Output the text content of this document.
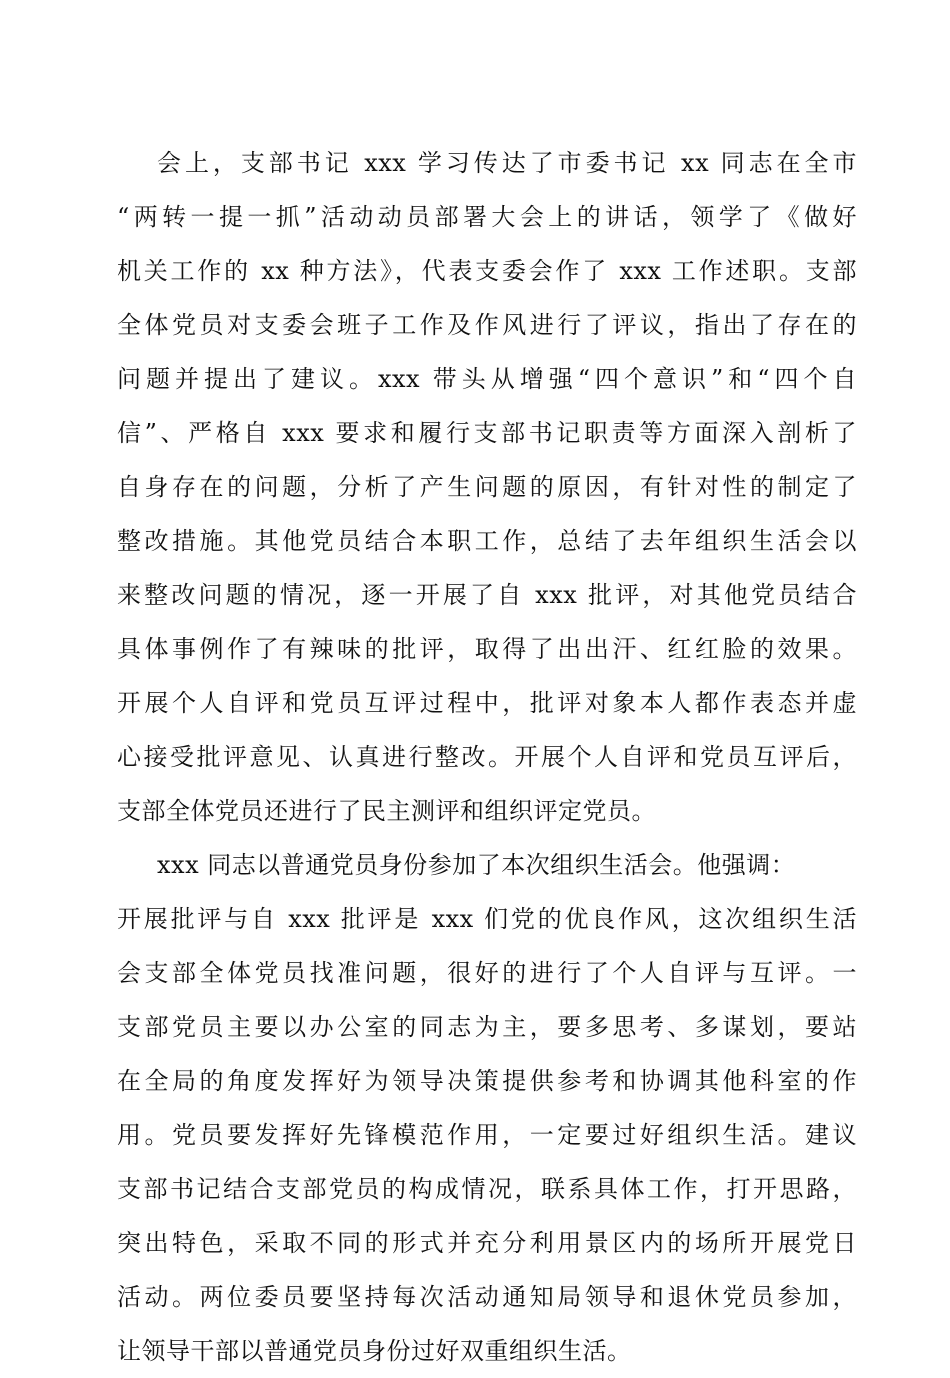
会上，支部书记 xxx 学习传达了市委书记 xx 同志在全市
“两转一提一抓”活动动员部署大会上的讲话，领学了《做好
机关工作的 xx 种方法》，代表支委会作了 xxx 工作述职。支部
全体党员对支委会班子工作及作风进行了评议，指出了存在的
问题并提出了建议。xxx 带头从增强“四个意识”和“四个自
信”、严格自 xxx 要求和履行支部书记职责等方面深入剖析了
自身存在的问题，分析了产生问题的原因，有针对性的制定了
整改措施。其他党员结合本职工作，总结了去年组织生活会以
来整改问题的情况，逐一开展了自 xxx 批评，对其他党员结合
具体事例作了有辣味的批评，取得了出出汗、红红脸的效果。
开展个人自评和党员互评过程中，批评对象本人都作表态并虚
心接受批评意见、认真进行整改。开展个人自评和党员互评后，
支部全体党员还进行了民主测评和组织评定党员。
xxx 同志以普通党员身份参加了本次组织生活会。他强调：
开展批评与自 xxx 批评是 xxx 们党的优良作风，这次组织生活
会支部全体党员找准问题，很好的进行了个人自评与互评。一
支部党员主要以办公室的同志为主，要多思考、多谋划，要站
在全局的角度发挥好为领导决策提供参考和协调其他科室的作
用。党员要发挥好先锋模范作用，一定要过好组织生活。建议
支部书记结合支部党员的构成情况，联系具体工作，打开思路，
突出特色，采取不同的形式并充分利用景区内的场所开展党日
活动。两位委员要坚持每次活动通知局领导和退休党员参加，
让领导干部以普通党员身份过好双重组织生活。
